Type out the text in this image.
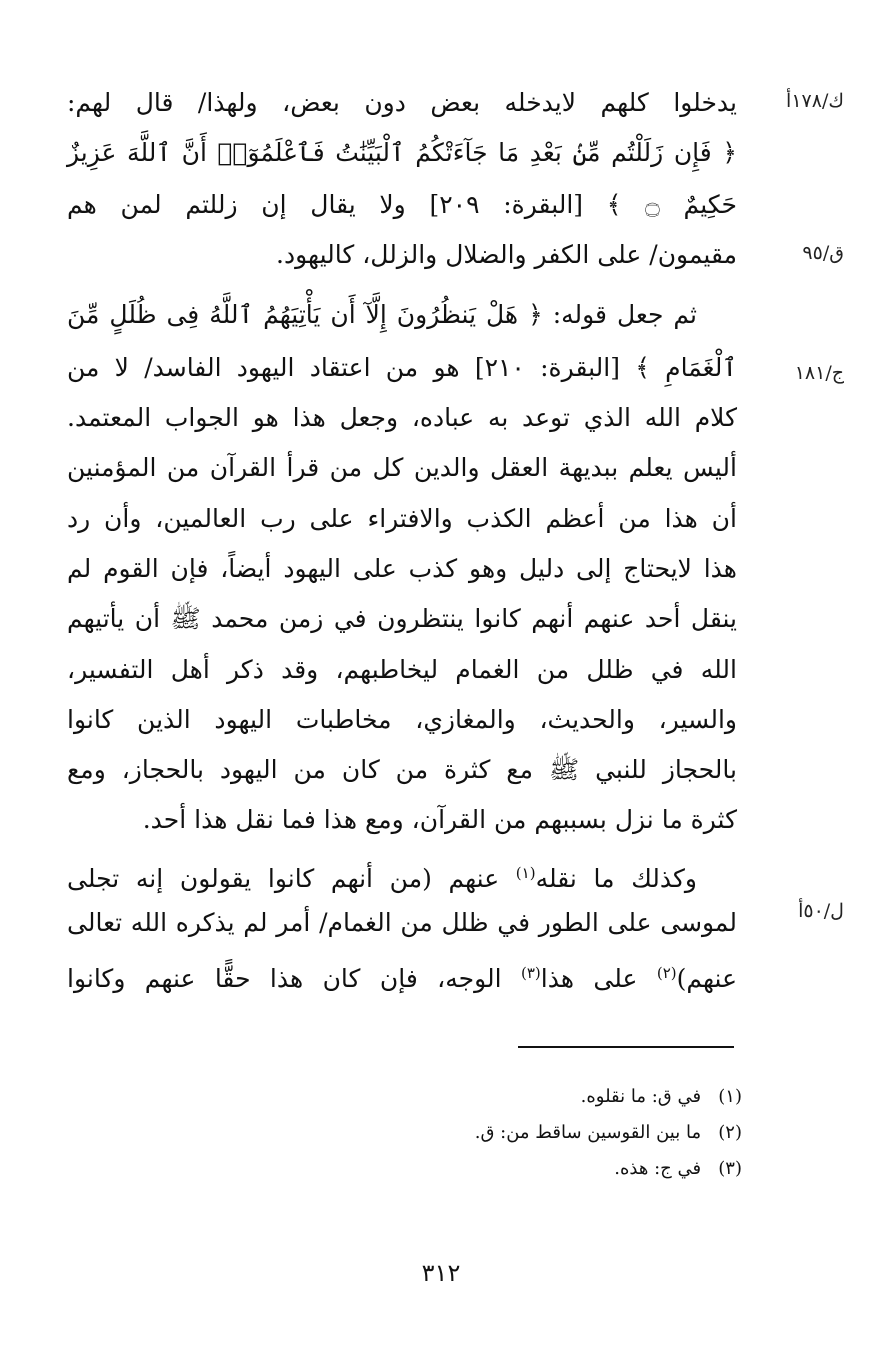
ك/١٧٨أ
ق/٩٥
ج/١٨١
ل/٥٠أ
يدخلوا كلهم لايدخله بعض دون بعض، ولهذا/ قال لهم:
﴿ فَإِن زَلَلْتُم مِّنۢ بَعْدِ مَا جَآءَتْكُمُ ٱلْبَيِّنَٰتُ فَٱعْلَمُوٓا۟ أَنَّ ٱللَّهَ عَزِيزٌ
حَكِيمٌ ۝ ﴾ [البقرة: ٢٠٩] ولا يقال إن زللتم لمن هم
مقيمون/ على الكفر والضلال والزلل، كاليهود.
ثم جعل قوله: ﴿ هَلْ يَنظُرُونَ إِلَّآ أَن يَأْتِيَهُمُ ٱللَّهُ فِى ظُلَلٍ مِّنَ
ٱلْغَمَامِ ﴾ [البقرة: ٢١٠] هو من اعتقاد اليهود الفاسد/ لا من
كلام الله الذي توعد به عباده، وجعل هذا هو الجواب المعتمد.
أليس يعلم ببديهة العقل والدين كل من قرأ القرآن من المؤمنين
أن هذا من أعظم الكذب والافتراء على رب العالمين، وأن رد
هذا لايحتاج إلى دليل وهو كذب على اليهود أيضاً، فإن القوم لم
ينقل أحد عنهم أنهم كانوا ينتظرون في زمن محمد ﷺ أن يأتيهم
الله في ظلل من الغمام ليخاطبهم، وقد ذكر أهل التفسير،
والسير، والحديث، والمغازي، مخاطبات اليهود الذين كانوا
بالحجاز للنبي ﷺ مع كثرة من كان من اليهود بالحجاز، ومع
كثرة ما نزل بسببهم من القرآن، ومع هذا فما نقل هذا أحد.
وكذلك ما نقله$^{(١)}$ عنهم (من أنهم كانوا يقولون إنه تجلى
لموسى على الطور في ظلل من الغمام/ أمر لم يذكره الله تعالى
عنهم)$^{(٢)}$ على هذا$^{(٣)}$ الوجه، فإن كان هذا حقًّا عنهم وكانوا
(١)   في ق: ما نقلوه.
(٢)   ما بين القوسين ساقط من: ق.
(٣)   في ج: هذه.
٣١٢
